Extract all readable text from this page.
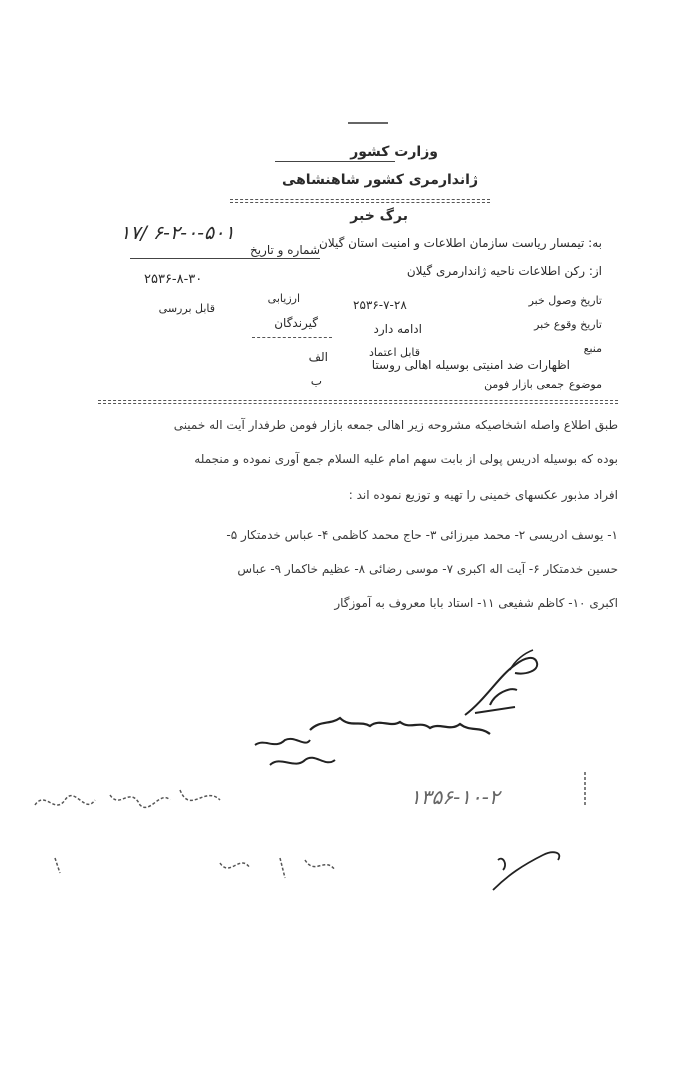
وزارت کشور
ژاندارمری کشور شاهنشاهی
برگ خبر
۱۷/ ۶-۲-۰-۵۰۱
شماره و تاریخ به: تیمسار ریاست سازمان اطلاعات و امنیت استان گیلان
از: رکن اطلاعات ناحیه ژاندارمری گیلان
۲۵۳۶-۸-۳۰
تاریخ وصول خبر
۲۵۳۶-۷-۲۸
تاریخ وقوع خبر
ادامه دارد
منبع
قابل اعتماد
موضوع
اظهارات ضد امنیتی بوسیله اهالی روستا
جمعی بازار فومن
ارزیابی
قابل بررسی
گیرندگان
الف
ب
طبق اطلاع واصله اشخاصیکه مشروحه زیر اهالی جمعه بازار فومن طرفدار آیت اله خمینی
بوده که بوسیله ادریس پولی از بابت سهم امام علیه السلام جمع آوری نموده و منجمله
افراد مذبور عکسهای خمینی را تهیه و توزیع نموده اند :
۱- یوسف ادریسی ۲- محمد میرزائی ۳- حاج محمد کاظمی ۴- عباس خدمتکار ۵-
حسین خدمتکار ۶- آیت اله اکبری ۷- موسی رضائی ۸- عظیم خاکمار ۹- عباس
اکبری ۱۰- کاظم شفیعی ۱۱- استاد بابا معروف به آموزگار
۱۳۵۶-۱۰-۲
